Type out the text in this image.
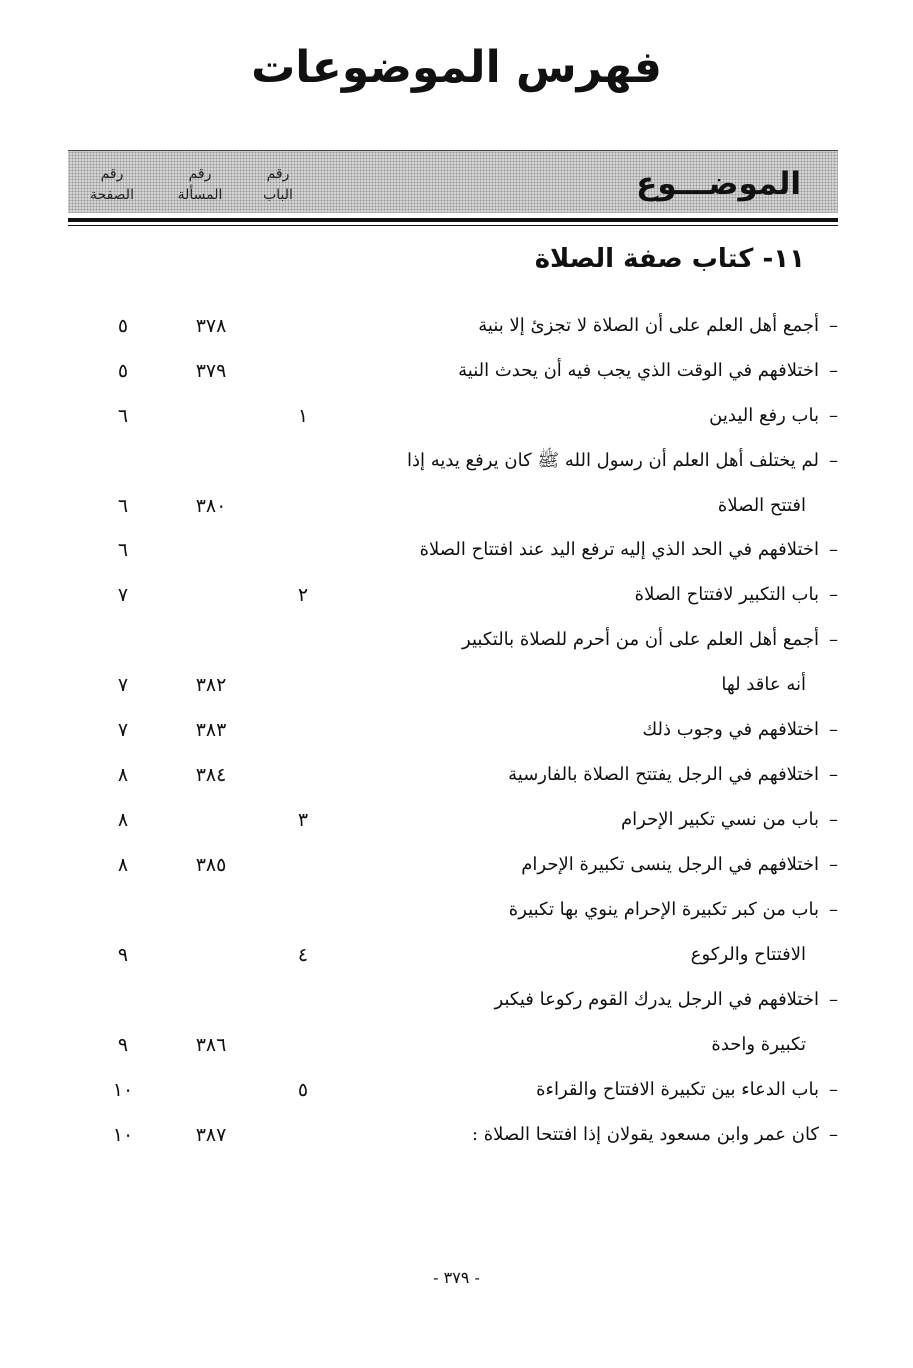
فهرس الموضوعات
الموضـــوع
رقم
الباب
رقم
المسألة
رقم
الصفحة
١١- كتاب صفة الصلاة
–أجمع أهل العلم على أن الصلاة لا تجزئ إلا بنية
٣٧٨
٥
–اختلافهم في الوقت الذي يجب فيه أن يحدث النية
٣٧٩
٥
–باب رفع اليدين
١
٦
–لم يختلف أهل العلم أن رسول الله ﷺ كان يرفع يديه إذا
افتتح الصلاة
٣٨٠
٦
–اختلافهم في الحد الذي إليه ترفع اليد عند افتتاح الصلاة
٦
–باب التكبير لافتتاح الصلاة
٢
٧
–أجمع أهل العلم على أن من أحرم للصلاة بالتكبير
أنه عاقد لها
٣٨٢
٧
–اختلافهم في وجوب ذلك
٣٨٣
٧
–اختلافهم في الرجل يفتتح الصلاة بالفارسية
٣٨٤
٨
–باب من نسي تكبير الإحرام
٣
٨
–اختلافهم في الرجل ينسى تكبيرة الإحرام
٣٨٥
٨
–باب من كبر تكبيرة الإحرام ينوي بها تكبيرة
الافتتاح والركوع
٤
٩
–اختلافهم في الرجل يدرك القوم ركوعا فيكبر
تكبيرة واحدة
٣٨٦
٩
–باب الدعاء بين تكبيرة الافتتاح والقراءة
٥
١٠
–كان عمر وابن مسعود يقولان إذا افتتحا الصلاة :
٣٨٧
١٠
- ٣٧٩ -
